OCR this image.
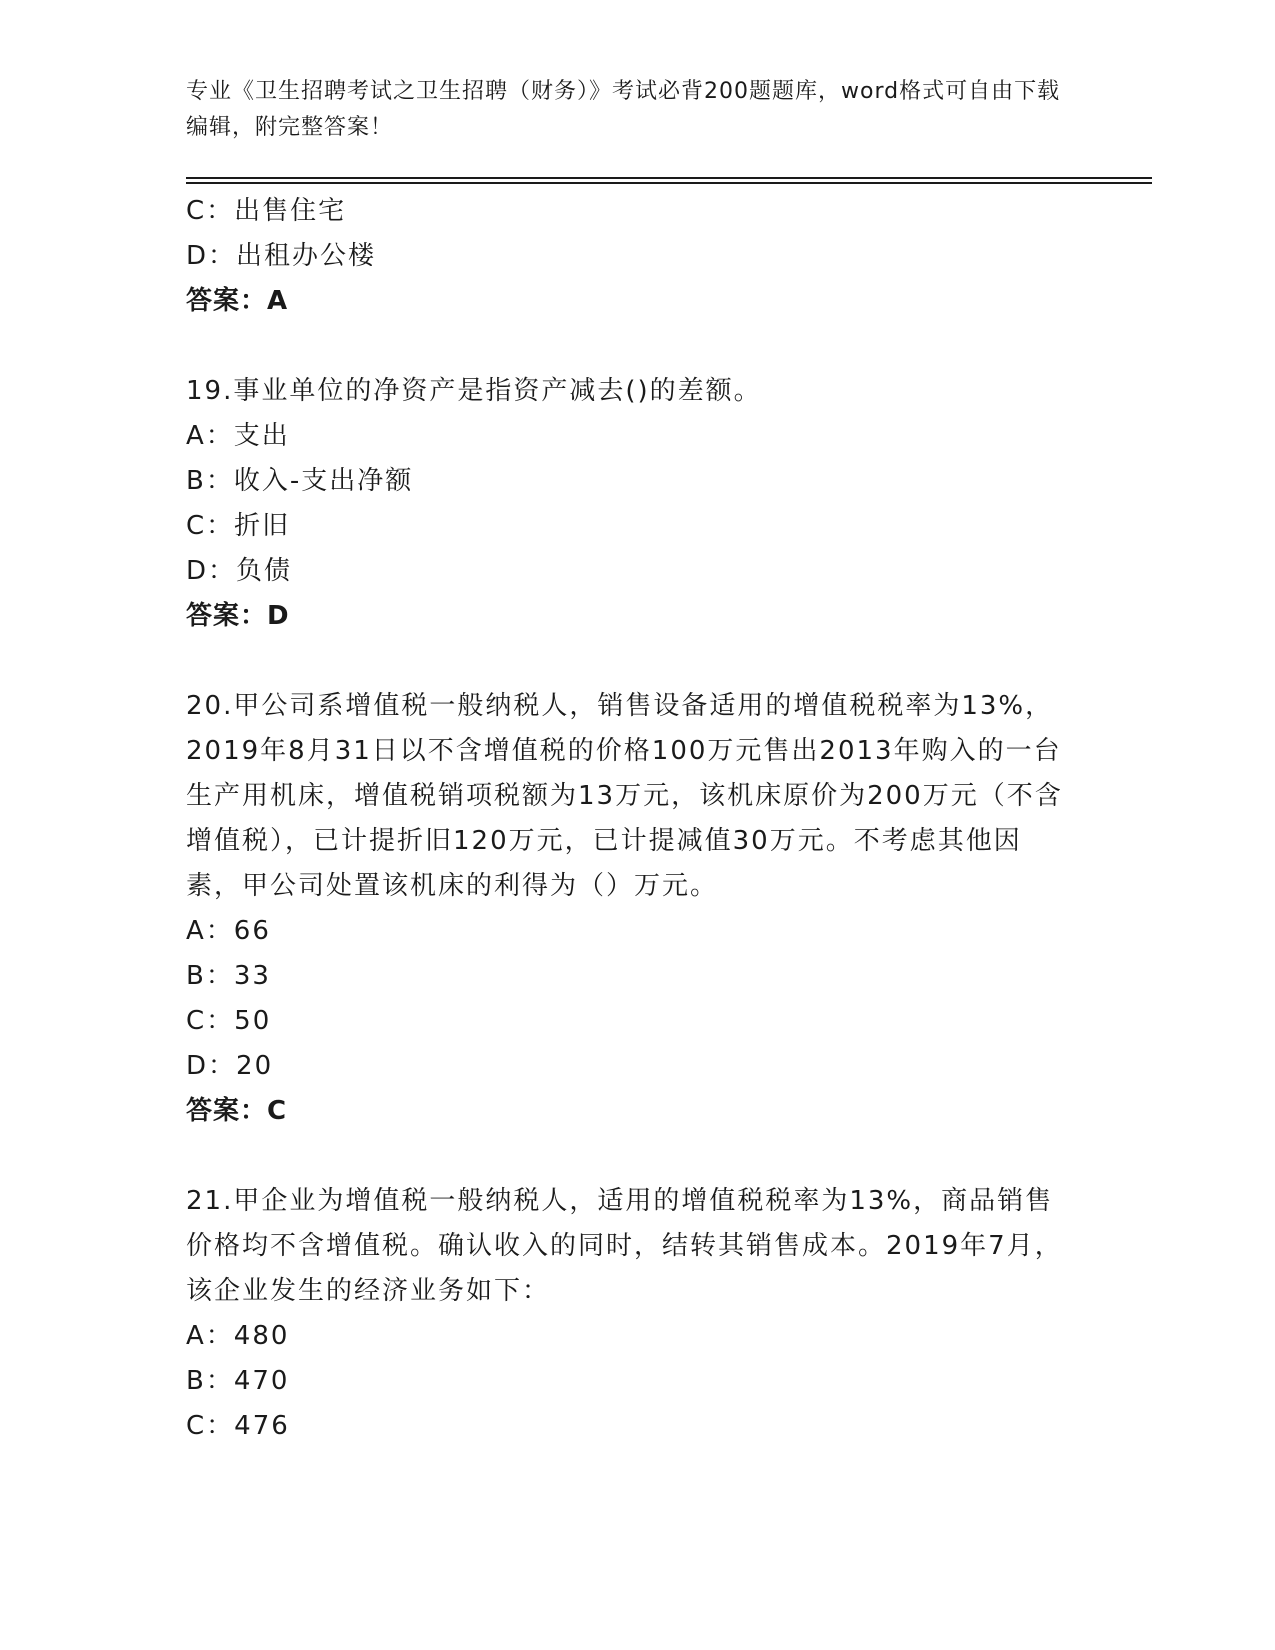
专业《卫生招聘考试之卫生招聘（财务）》考试必背200题题库，word格式可自由下载编辑，附完整答案！
C：出售住宅
D：出租办公楼
答案：A
19.事业单位的净资产是指资产减去()的差额。
A：支出
B：收入-支出净额
C：折旧
D：负债
答案：D
20.甲公司系增值税一般纳税人，销售设备适用的增值税税率为13%，2019年8月31日以不含增值税的价格100万元售出2013年购入的一台生产用机床，增值税销项税额为13万元，该机床原价为200万元（不含增值税），已计提折旧120万元，已计提减值30万元。不考虑其他因素，甲公司处置该机床的利得为（）万元。
A：66
B：33
C：50
D：20
答案：C
21.甲企业为增值税一般纳税人，适用的增值税税率为13%，商品销售价格均不含增值税。确认收入的同时，结转其销售成本。2019年7月，该企业发生的经济业务如下：
A：480
B：470
C：476
